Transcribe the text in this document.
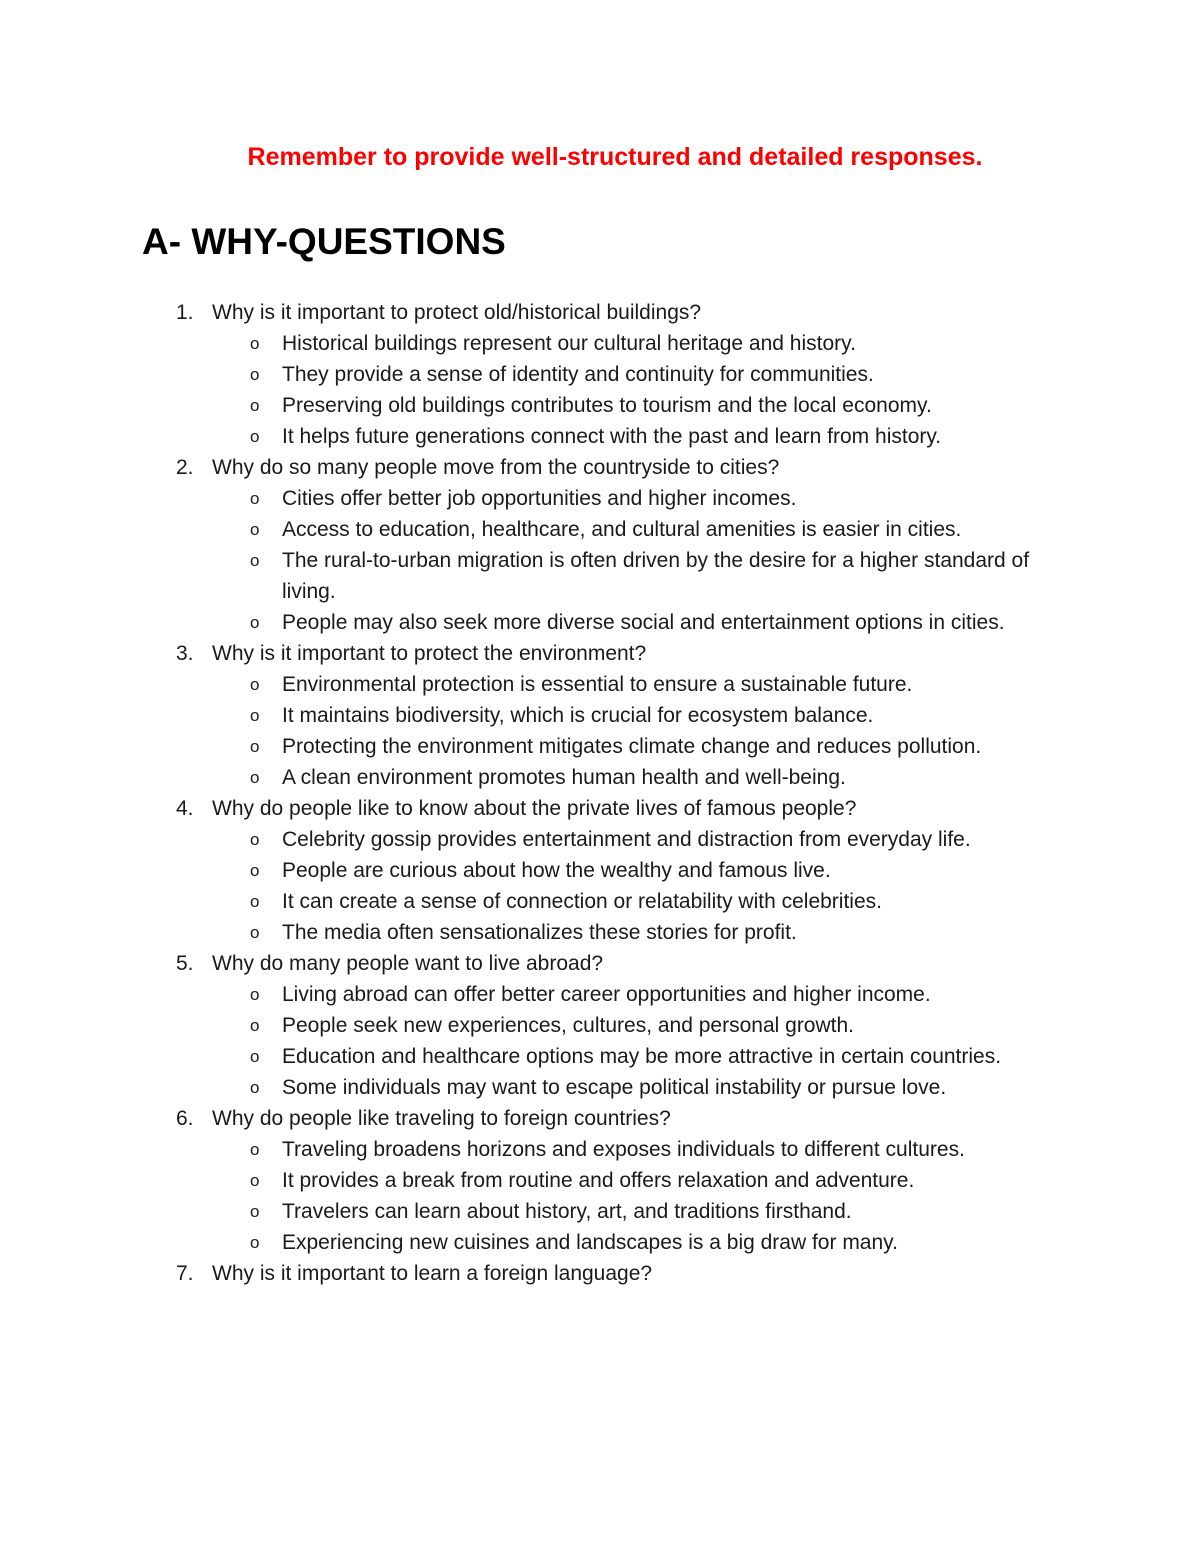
Remember to provide well-structured and detailed responses.

A- WHY-QUESTIONS
1. Why is it important to protect old/historical buildings?
o Historical buildings represent our cultural heritage and history.
o They provide a sense of identity and continuity for communities.
o Preserving old buildings contributes to tourism and the local economy.
o It helps future generations connect with the past and learn from history.
2. Why do so many people move from the countryside to cities?
o Cities offer better job opportunities and higher incomes.
o Access to education, healthcare, and cultural amenities is easier in cities.
o The rural-to-urban migration is often driven by the desire for a higher standard of living.
o People may also seek more diverse social and entertainment options in cities.
3. Why is it important to protect the environment?
o Environmental protection is essential to ensure a sustainable future.
o It maintains biodiversity, which is crucial for ecosystem balance.
o Protecting the environment mitigates climate change and reduces pollution.
o A clean environment promotes human health and well-being.
4. Why do people like to know about the private lives of famous people?
o Celebrity gossip provides entertainment and distraction from everyday life.
o People are curious about how the wealthy and famous live.
o It can create a sense of connection or relatability with celebrities.
o The media often sensationalizes these stories for profit.
5. Why do many people want to live abroad?
o Living abroad can offer better career opportunities and higher income.
o People seek new experiences, cultures, and personal growth.
o Education and healthcare options may be more attractive in certain countries.
o Some individuals may want to escape political instability or pursue love.
6. Why do people like traveling to foreign countries?
o Traveling broadens horizons and exposes individuals to different cultures.
o It provides a break from routine and offers relaxation and adventure.
o Travelers can learn about history, art, and traditions firsthand.
o Experiencing new cuisines and landscapes is a big draw for many.
7. Why is it important to learn a foreign language?
